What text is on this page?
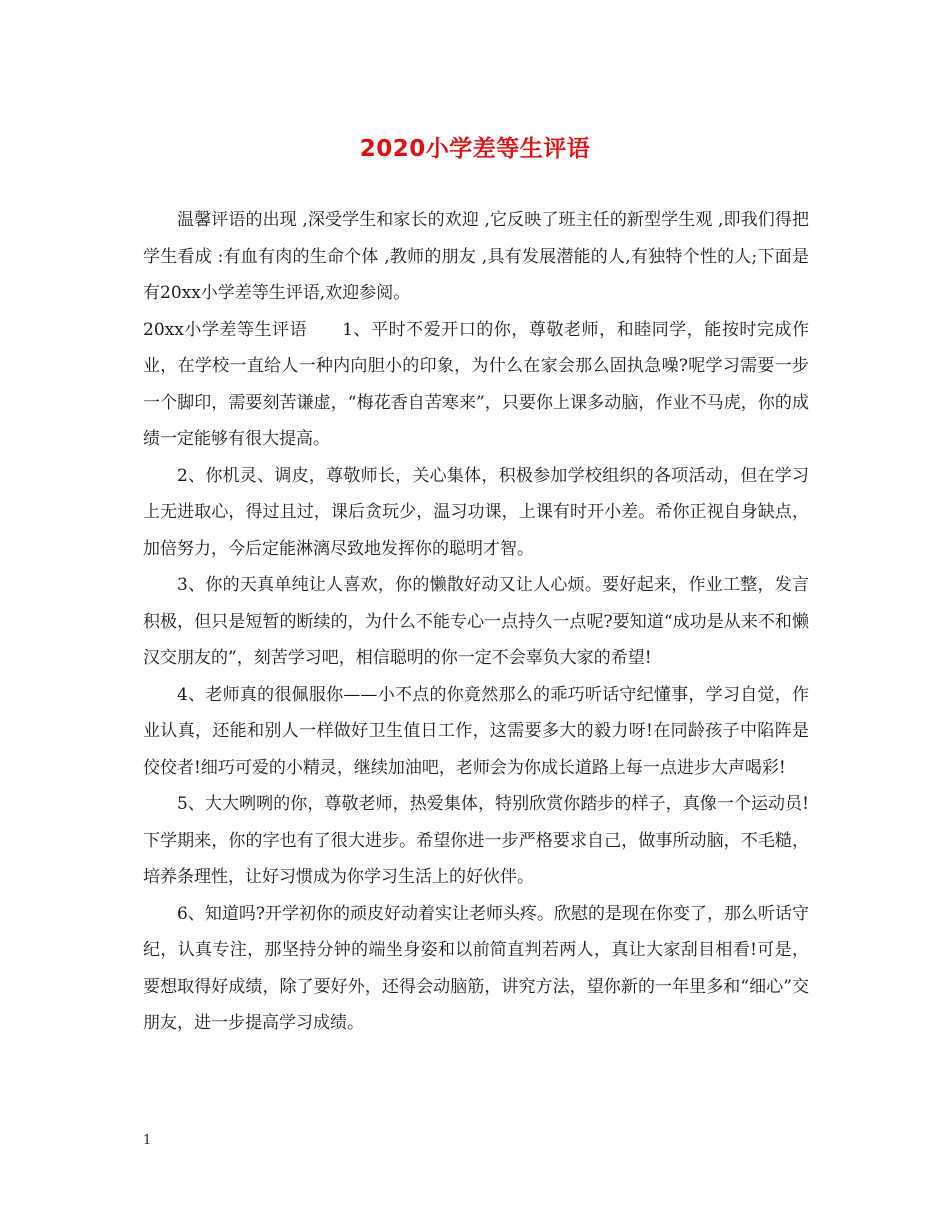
2020小学差等生评语

温馨评语的出现 ,深受学生和家长的欢迎 ,它反映了班主任的新型学生观 ,即我们得把学生看成 :有血有肉的生命个体 ,教师的朋友 ,具有发展潜能的人,有独特个性的人;下面是有20xx小学差等生评语,欢迎参阅。

20xx小学差等生评语　　1、平时不爱开口的你，尊敬老师，和睦同学，能按时完成作业，在学校一直给人一种内向胆小的印象，为什么在家会那么固执急噪?呢学习需要一步一个脚印，需要刻苦谦虚，“梅花香自苦寒来”，只要你上课多动脑，作业不马虎，你的成绩一定能够有很大提高。

2、你机灵、调皮，尊敬师长，关心集体，积极参加学校组织的各项活动，但在学习上无进取心，得过且过，课后贪玩少，温习功课，上课有时开小差。希你正视自身缺点，加倍努力，今后定能淋漓尽致地发挥你的聪明才智。

3、你的天真单纯让人喜欢，你的懒散好动又让人心烦。要好起来，作业工整，发言积极，但只是短暂的断续的，为什么不能专心一点持久一点呢?要知道“成功是从来不和懒汉交朋友的”，刻苦学习吧，相信聪明的你一定不会辜负大家的希望!

4、老师真的很佩服你——小不点的你竟然那么的乖巧听话守纪懂事，学习自觉，作业认真，还能和别人一样做好卫生值日工作，这需要多大的毅力呀!在同龄孩子中陷阵是佼佼者!细巧可爱的小精灵，继续加油吧，老师会为你成长道路上每一点进步大声喝彩!

5、大大咧咧的你，尊敬老师，热爱集体，特别欣赏你踏步的样子，真像一个运动员!下学期来，你的字也有了很大进步。希望你进一步严格要求自己，做事所动脑，不毛糙，培养条理性，让好习惯成为你学习生活上的好伙伴。

6、知道吗?开学初你的顽皮好动着实让老师头疼。欣慰的是现在你变了，那么听话守纪，认真专注，那坚持分钟的端坐身姿和以前简直判若两人，真让大家刮目相看!可是，要想取得好成绩，除了要好外，还得会动脑筋，讲究方法，望你新的一年里多和“细心”交朋友，进一步提高学习成绩。

1
